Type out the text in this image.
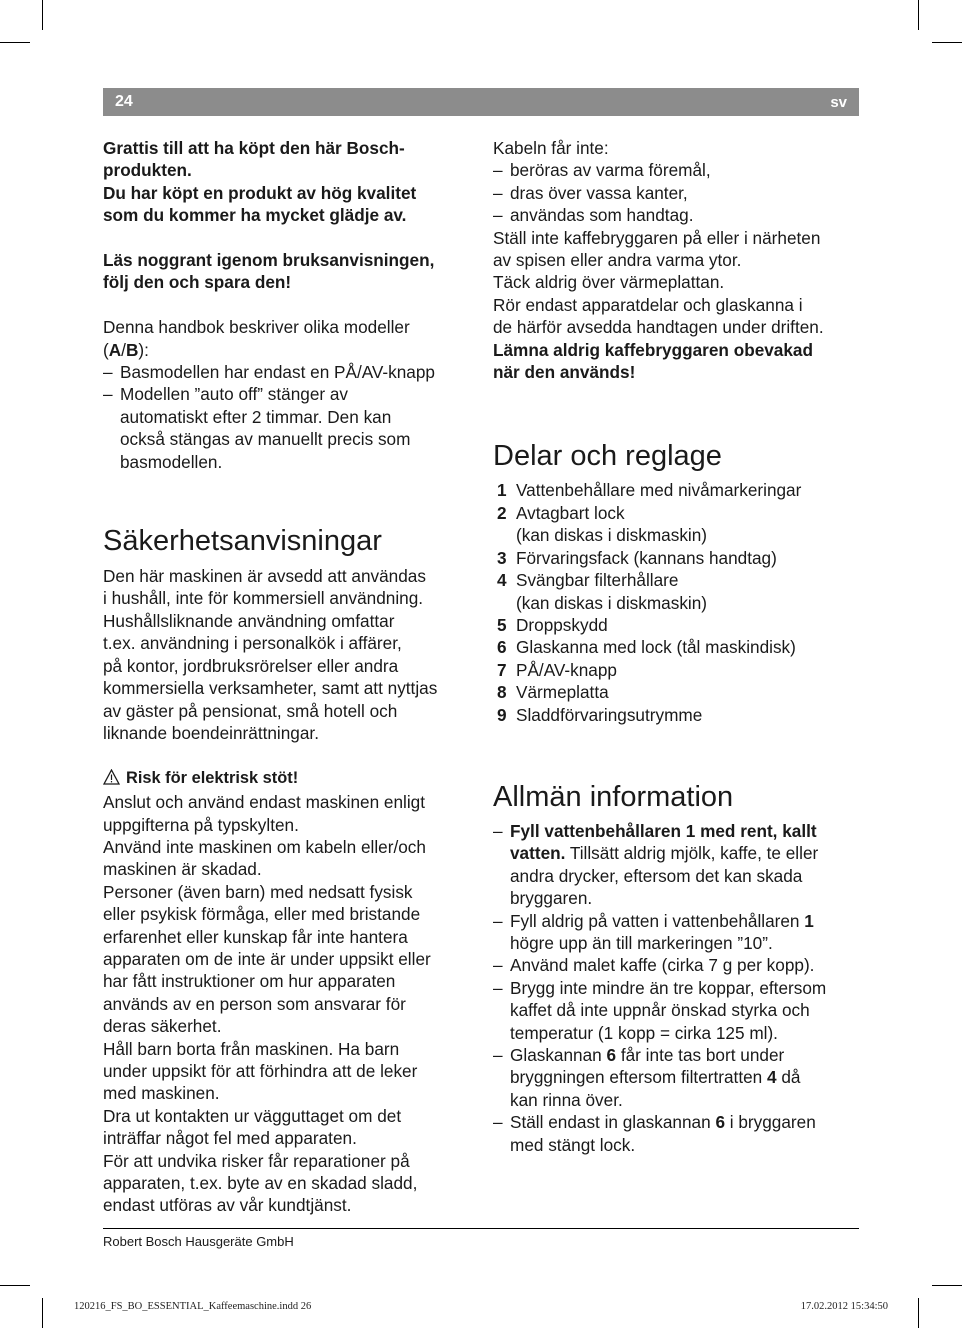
24	sv

Grattis till att ha köpt den här Bosch-

produkten.

Du har köpt en produkt av hög kvalitet

som du kommer ha mycket glädje av.

Läs noggrant igenom bruksanvisningen,

följ den och spara den!

Denna handbok beskriver olika modeller

(A/B):

– Basmodellen har endast en PÅ/AV-knapp

– Modellen ”auto off” stänger av

automatiskt efter 2 timmar. Den kan

också stängas av manuellt precis som

basmodellen.

Säkerhetsanvisningar

Den här maskinen är avsedd att användas

i hushåll, inte för kommersiell användning.

Hushållsliknande användning omfattar

t.ex. användning i personalkök i affärer,

på kontor, jordbruksrörelser eller andra

kommersiella verksamheter, samt att nyttjas

av gäster på pensionat, små hotell och

liknande boendeinrättningar.

Risk för elektrisk stöt!

Anslut och använd endast maskinen enligt

uppgifterna på typskylten.

Använd inte maskinen om kabeln eller/och

maskinen är skadad.

Personer (även barn) med nedsatt fysisk

eller psykisk förmåga, eller med bristande

erfarenhet eller kunskap får inte hantera

apparaten om de inte är under uppsikt eller

har fått instruktioner om hur apparaten

används av en person som ansvarar för

deras säkerhet.

Håll barn borta från maskinen. Ha barn

under uppsikt för att förhindra att de leker

med maskinen.

Dra ut kontakten ur vägguttaget om det

inträffar något fel med apparaten.

För att undvika risker får reparationer på

apparaten, t.ex. byte av en skadad sladd,

endast utföras av vår kundtjänst.

Kabeln får inte:

– beröras av varma föremål,

– dras över vassa kanter,

– användas som handtag.

Ställ inte kaffebryggaren på eller i närheten

av spisen eller andra varma ytor.

Täck aldrig över värmeplattan.

Rör endast apparatdelar och glaskanna i

de härför avsedda handtagen under driften.

Lämna aldrig kaffebryggaren obevakad

när den används!

Delar och reglage
1 Vattenbehållare med nivåmarkeringar

2 Avtagbart lock

(kan diskas i diskmaskin)

3 Förvaringsfack (kannans handtag)

4 Svängbar filterhållare

(kan diskas i diskmaskin)

5 Droppskydd

6 Glaskanna med lock (tål maskindisk)

7 PÅ/AV-knapp

8 Värmeplatta

9 Sladdförvaringsutrymme

Allmän information
– Fyll vattenbehållaren 1 med rent, kallt

vatten. Tillsätt aldrig mjölk, kaffe, te eller

andra drycker, eftersom det kan skada

bryggaren.

– Fyll aldrig på vatten i vattenbehållaren 1

högre upp än till markeringen ”10”.

– Använd malet kaffe (cirka 7 g per kopp).

– Brygg inte mindre än tre koppar, eftersom

kaffet då inte uppnår önskad styrka och

temperatur (1 kopp = cirka 125 ml).

– Glaskannan 6 får inte tas bort under

bryggningen eftersom filtertratten 4 då

kan rinna över.

– Ställ endast in glaskannan 6 i bryggaren

med stängt lock.

Robert Bosch Hausgeräte GmbH
120216_FS_BO_ESSENTIAL_Kaffeemaschine.indd 26	17.02.2012 15:34:50
